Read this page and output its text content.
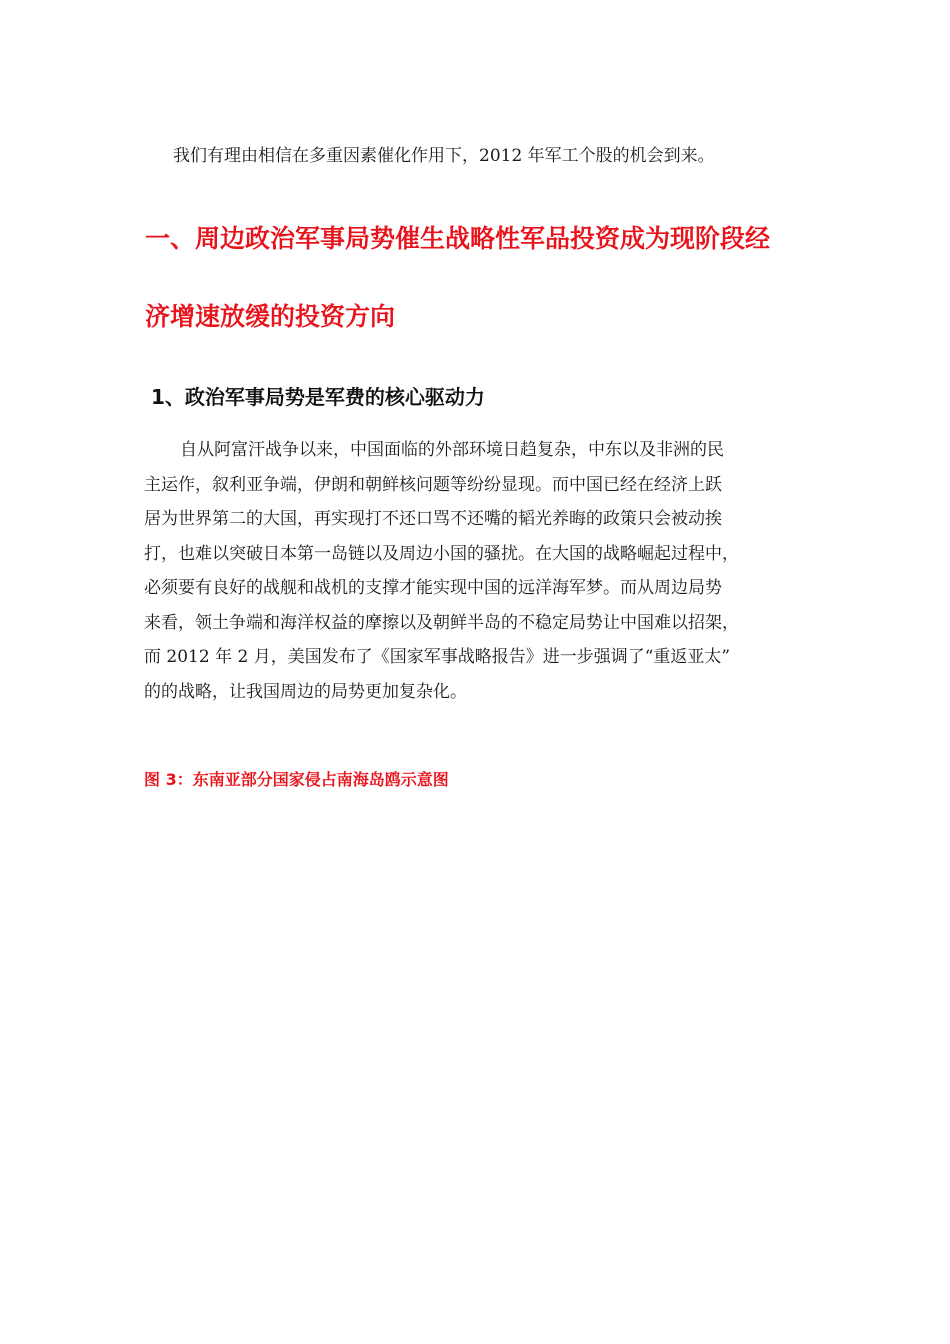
我们有理由相信在多重因素催化作用下，2012 年军工个股的机会到来。

一、周边政治军事局势催生战略性军品投资成为现阶段经
济增速放缓的投资方向
1、政治军事局势是军费的核心驱动力
自从阿富汗战争以来，中国面临的外部环境日趋复杂，中东以及非洲的民
主运作，叙利亚争端，伊朗和朝鲜核问题等纷纷显现。而中国已经在经济上跃
居为世界第二的大国，再实现打不还口骂不还嘴的韬光养晦的政策只会被动挨
打，也难以突破日本第一岛链以及周边小国的骚扰。在大国的战略崛起过程中，
必须要有良好的战舰和战机的支撑才能实现中国的远洋海军梦。而从周边局势
来看，领土争端和海洋权益的摩擦以及朝鲜半岛的不稳定局势让中国难以招架，
而 2012 年 2 月，美国发布了《国家军事战略报告》进一步强调了“重返亚太”
的的战略，让我国周边的局势更加复杂化。

图 3：东南亚部分国家侵占南海岛鸥示意图
